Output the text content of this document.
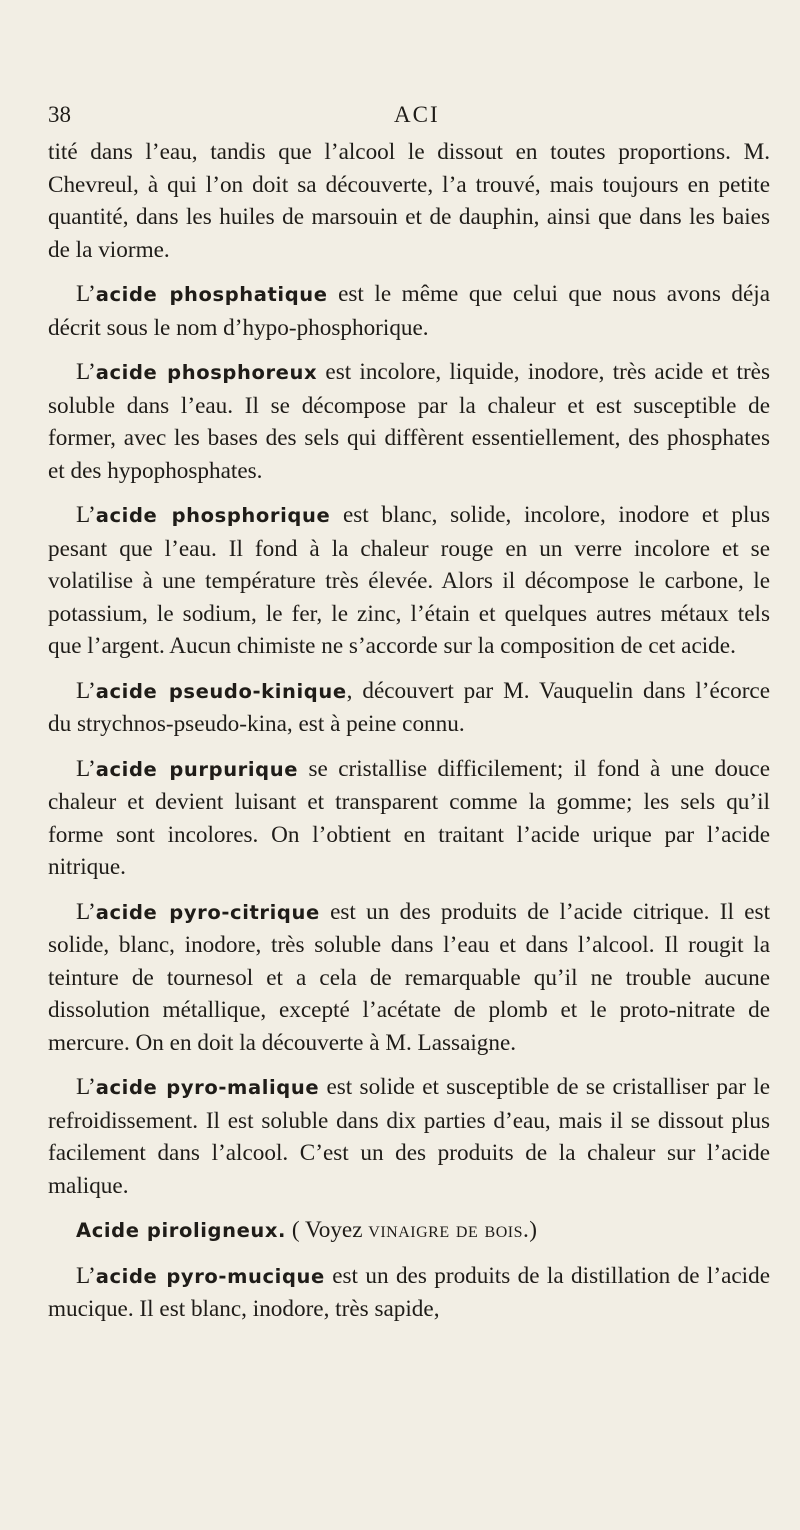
38	ACI

tité dans l’eau, tandis que l’alcool le dissout en toutes proportions. M. Chevreul, à qui l’on doit sa découverte, l’a trouvé, mais toujours en petite quantité, dans les huiles de marsouin et de dauphin, ainsi que dans les baies de la viorme.

L’acide phosphatique est le même que celui que nous avons déja décrit sous le nom d’hypo-phosphorique.

L’acide phosphoreux est incolore, liquide, inodore, très acide et très soluble dans l’eau. Il se décompose par la chaleur et est susceptible de former, avec les bases des sels qui diffèrent essentiellement, des phosphates et des hypophosphates.

L’acide phosphorique est blanc, solide, incolore, inodore et plus pesant que l’eau. Il fond à la chaleur rouge en un verre incolore et se volatilise à une température très élevée. Alors il décompose le carbone, le potassium, le sodium, le fer, le zinc, l’étain et quelques autres métaux tels que l’argent. Aucun chimiste ne s’accorde sur la composition de cet acide.

L’acide pseudo-kinique, découvert par M. Vauquelin dans l’écorce du strychnos-pseudo-kina, est à peine connu.

L’acide purpurique se cristallise difficilement; il fond à une douce chaleur et devient luisant et transparent comme la gomme; les sels qu’il forme sont incolores. On l’obtient en traitant l’acide urique par l’acide nitrique.

L’acide pyro-citrique est un des produits de l’acide citrique. Il est solide, blanc, inodore, très soluble dans l’eau et dans l’alcool. Il rougit la teinture de tournesol et a cela de remarquable qu’il ne trouble aucune dissolution métallique, excepté l’acétate de plomb et le proto-nitrate de mercure. On en doit la découverte à M. Lassaigne.

L’acide pyro-malique est solide et susceptible de se cristalliser par le refroidissement. Il est soluble dans dix parties d’eau, mais il se dissout plus facilement dans l’alcool. C’est un des produits de la chaleur sur l’acide malique.

Acide pirolignеux. ( Voyez vinaigre de bois.)

L’acide pyro-mucique est un des produits de la distillation de l’acide mucique. Il est blanc, inodore, très sapide,
